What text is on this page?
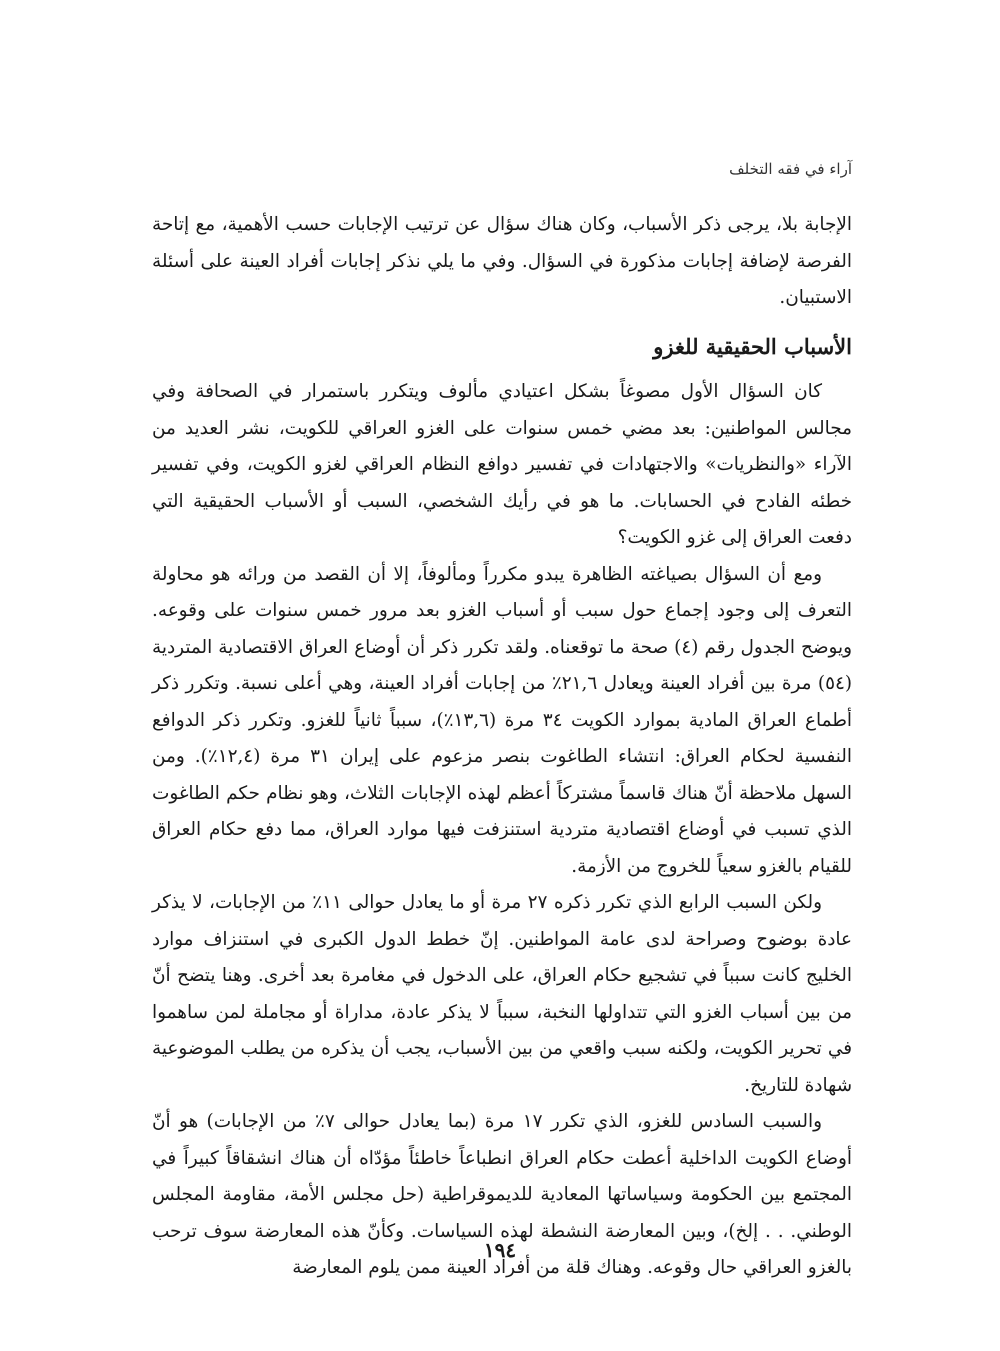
آراء في فقه التخلف

الإجابة بلا، يرجى ذكر الأسباب، وكان هناك سؤال عن ترتيب الإجابات حسب الأهمية، مع إتاحة الفرصة لإضافة إجابات مذكورة في السؤال. وفي ما يلي نذكر إجابات أفراد العينة على أسئلة الاستبيان.

الأسباب الحقيقية للغزو

كان السؤال الأول مصوغاً بشكل اعتيادي مألوف ويتكرر باستمرار في الصحافة وفي مجالس المواطنين: بعد مضي خمس سنوات على الغزو العراقي للكويت، نشر العديد من الآراء «والنظريات» والاجتهادات في تفسير دوافع النظام العراقي لغزو الكويت، وفي تفسير خطئه الفادح في الحسابات. ما هو في رأيك الشخصي، السبب أو الأسباب الحقيقية التي دفعت العراق إلى غزو الكويت؟

ومع أن السؤال بصياغته الظاهرة يبدو مكرراً ومألوفاً، إلا أن القصد من ورائه هو محاولة التعرف إلى وجود إجماع حول سبب أو أسباب الغزو بعد مرور خمس سنوات على وقوعه. ويوضح الجدول رقم (٤) صحة ما توقعناه. ولقد تكرر ذكر أن أوضاع العراق الاقتصادية المتردية (٥٤) مرة بين أفراد العينة ويعادل ٢١,٦٪ من إجابات أفراد العينة، وهي أعلى نسبة. وتكرر ذكر أطماع العراق المادية بموارد الكويت ٣٤ مرة (١٣,٦٪)، سبباً ثانياً للغزو. وتكرر ذكر الدوافع النفسية لحكام العراق: انتشاء الطاغوت بنصر مزعوم على إيران ٣١ مرة (١٢,٤٪). ومن السهل ملاحظة أنّ هناك قاسماً مشتركاً أعظم لهذه الإجابات الثلاث، وهو نظام حكم الطاغوت الذي تسبب في أوضاع اقتصادية متردية استنزفت فيها موارد العراق، مما دفع حكام العراق للقيام بالغزو سعياً للخروج من الأزمة.

ولكن السبب الرابع الذي تكرر ذكره ٢٧ مرة أو ما يعادل حوالى ١١٪ من الإجابات، لا يذكر عادة بوضوح وصراحة لدى عامة المواطنين. إنّ خطط الدول الكبرى في استنزاف موارد الخليج كانت سبباً في تشجيع حكام العراق، على الدخول في مغامرة بعد أخرى. وهنا يتضح أنّ من بين أسباب الغزو التي تتداولها النخبة، سبباً لا يذكر عادة، مداراة أو مجاملة لمن ساهموا في تحرير الكويت، ولكنه سبب واقعي من بين الأسباب، يجب أن يذكره من يطلب الموضوعية شهادة للتاريخ.

والسبب السادس للغزو، الذي تكرر ١٧ مرة (بما يعادل حوالى ٧٪ من الإجابات) هو أنّ أوضاع الكويت الداخلية أعطت حكام العراق انطباعاً خاطئاً مؤدّاه أن هناك انشقاقاً كبيراً في المجتمع بين الحكومة وسياساتها المعادية للديموقراطية (حل مجلس الأمة، مقاومة المجلس الوطني. . . إلخ)، وبين المعارضة النشطة لهذه السياسات. وكأنّ هذه المعارضة سوف ترحب بالغزو العراقي حال وقوعه. وهناك قلة من أفراد العينة ممن يلوم المعارضة

١٩٤
